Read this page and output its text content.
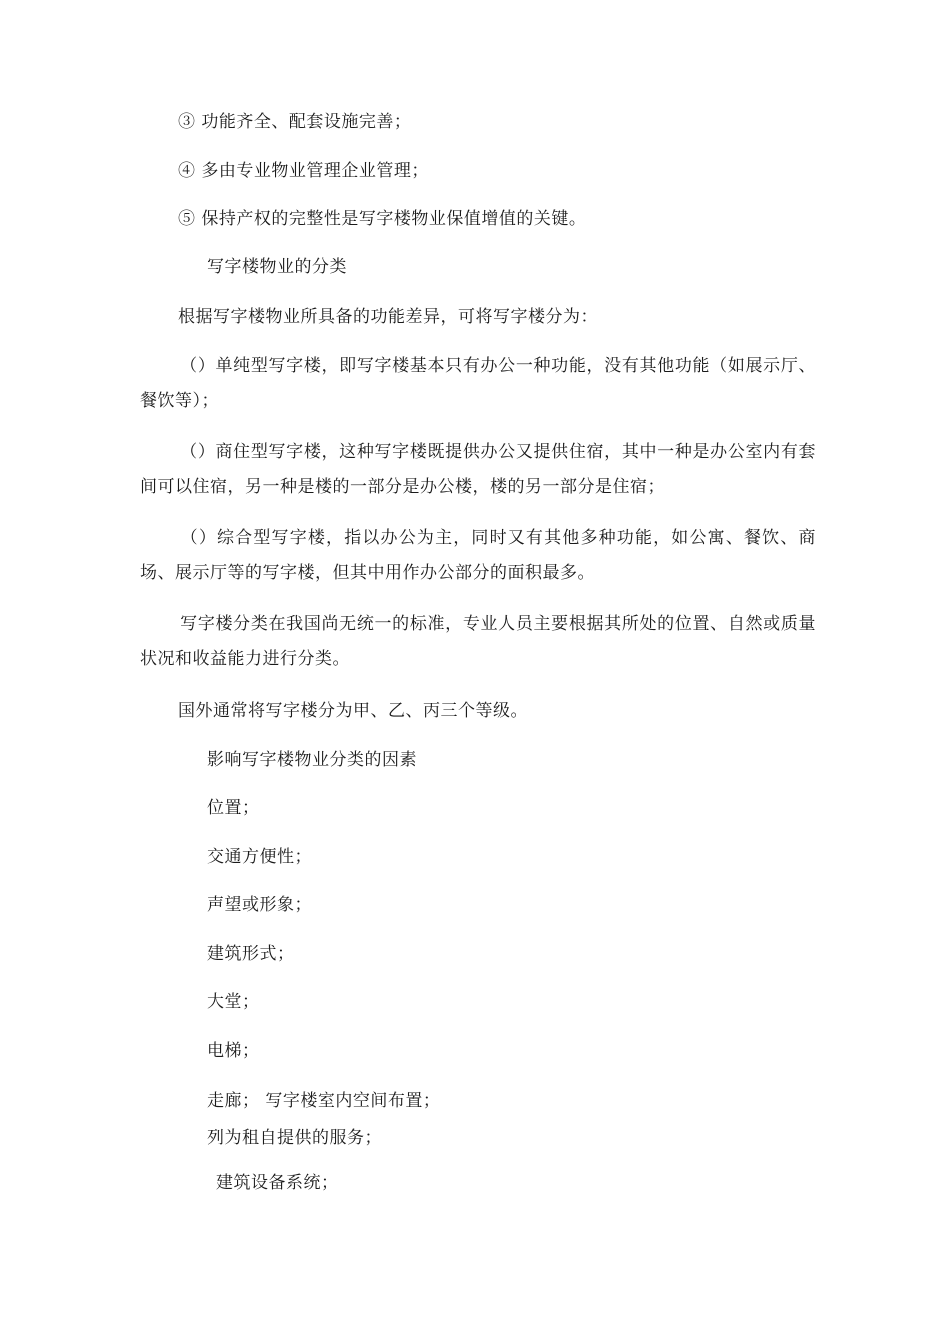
③ 功能齐全、配套设施完善；
④ 多由专业物业管理企业管理；
⑤ 保持产权的完整性是写字楼物业保值增值的关键。
写字楼物业的分类
根据写字楼物业所具备的功能差异，可将写字楼分为：
（）单纯型写字楼，即写字楼基本只有办公一种功能，没有其他功能（如展示厅、餐饮等）；
（）商住型写字楼，这种写字楼既提供办公又提供住宿，其中一种是办公室内有套间可以住宿，另一种是楼的一部分是办公楼，楼的另一部分是住宿；
（）综合型写字楼，指以办公为主，同时又有其他多种功能，如公寓、餐饮、商场、展示厅等的写字楼，但其中用作办公部分的面积最多。
写字楼分类在我国尚无统一的标准，专业人员主要根据其所处的位置、自然或质量状况和收益能力进行分类。
国外通常将写字楼分为甲、乙、丙三个等级。
影响写字楼物业分类的因素
位置；
交通方便性；
声望或形象；
建筑形式；
大堂；
电梯；
走廊； 写字楼室内空间布置；
列为租自提供的服务；
建筑设备系统；
